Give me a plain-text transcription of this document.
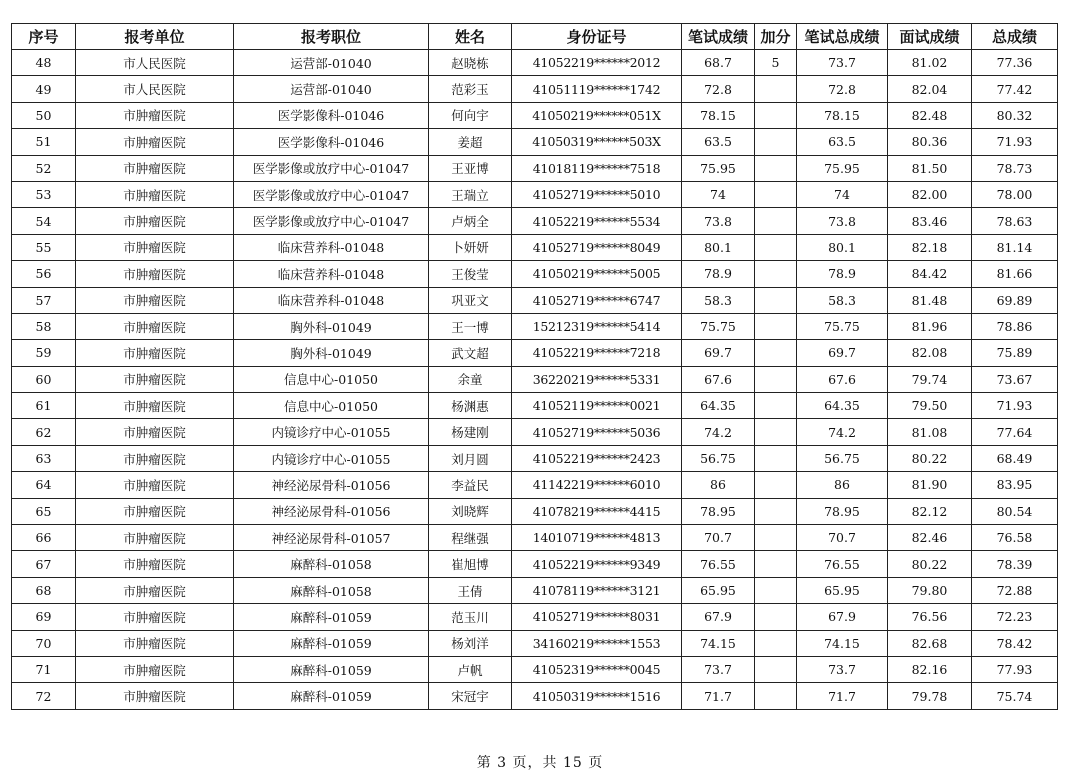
序号	报考单位	报考职位	姓名	身份证号	笔试成绩	加分	笔试总成绩	面试成绩	总成绩
48	市人民医院	运营部-01040	赵晓栋	41052219******2012	68.7	5	73.7	81.02	77.36
49	市人民医院	运营部-01040	范彩玉	41051119******1742	72.8		72.8	82.04	77.42
50	市肿瘤医院	医学影像科-01046	何向宇	41050219******051X	78.15		78.15	82.48	80.32
51	市肿瘤医院	医学影像科-01046	姜超	41050319******503X	63.5		63.5	80.36	71.93
52	市肿瘤医院	医学影像或放疗中心-01047	王亚博	41018119******7518	75.95		75.95	81.50	78.73
53	市肿瘤医院	医学影像或放疗中心-01047	王瑞立	41052719******5010	74		74	82.00	78.00
54	市肿瘤医院	医学影像或放疗中心-01047	卢炳全	41052219******5534	73.8		73.8	83.46	78.63
55	市肿瘤医院	临床营养科-01048	卜妍妍	41052719******8049	80.1		80.1	82.18	81.14
56	市肿瘤医院	临床营养科-01048	王俊莹	41050219******5005	78.9		78.9	84.42	81.66
57	市肿瘤医院	临床营养科-01048	巩亚文	41052719******6747	58.3		58.3	81.48	69.89
58	市肿瘤医院	胸外科-01049	王一博	15212319******5414	75.75		75.75	81.96	78.86
59	市肿瘤医院	胸外科-01049	武文超	41052219******7218	69.7		69.7	82.08	75.89
60	市肿瘤医院	信息中心-01050	余童	36220219******5331	67.6		67.6	79.74	73.67
61	市肿瘤医院	信息中心-01050	杨渊惠	41052119******0021	64.35		64.35	79.50	71.93
62	市肿瘤医院	内镜诊疗中心-01055	杨建刚	41052719******5036	74.2		74.2	81.08	77.64
63	市肿瘤医院	内镜诊疗中心-01055	刘月圆	41052219******2423	56.75		56.75	80.22	68.49
64	市肿瘤医院	神经泌尿骨科-01056	李益民	41142219******6010	86		86	81.90	83.95
65	市肿瘤医院	神经泌尿骨科-01056	刘晓辉	41078219******4415	78.95		78.95	82.12	80.54
66	市肿瘤医院	神经泌尿骨科-01057	程继强	14010719******4813	70.7		70.7	82.46	76.58
67	市肿瘤医院	麻醉科-01058	崔旭博	41052219******9349	76.55		76.55	80.22	78.39
68	市肿瘤医院	麻醉科-01058	王倩	41078119******3121	65.95		65.95	79.80	72.88
69	市肿瘤医院	麻醉科-01059	范玉川	41052719******8031	67.9		67.9	76.56	72.23
70	市肿瘤医院	麻醉科-01059	杨刘洋	34160219******1553	74.15		74.15	82.68	78.42
71	市肿瘤医院	麻醉科-01059	卢帆	41052319******0045	73.7		73.7	82.16	77.93
72	市肿瘤医院	麻醉科-01059	宋冠宇	41050319******1516	71.7		71.7	79.78	75.74
第 3 页，共 15 页
